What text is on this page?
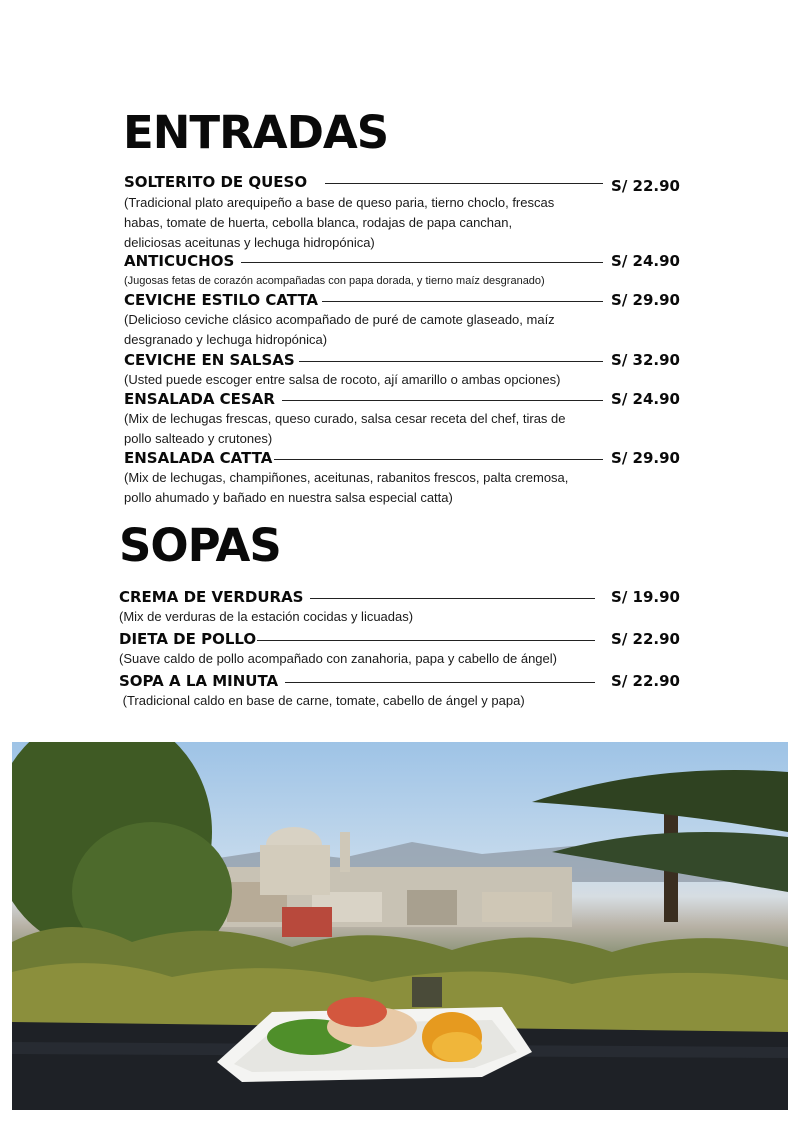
ENTRADAS
SOLTERITO DE QUESO	S/ 22.90
(Tradicional plato arequipeño a base de queso paria, tierno choclo, frescas
habas, tomate de huerta, cebolla blanca, rodajas de papa canchan,
deliciosas aceitunas y lechuga hidropónica)
ANTICUCHOS	S/ 24.90
(Jugosas fetas de corazón acompañadas con papa dorada, y tierno maíz desgranado)
CEVICHE ESTILO CATTA	S/ 29.90
(Delicioso ceviche clásico acompañado de puré de camote glaseado, maíz
desgranado y lechuga hidropónica)
CEVICHE EN SALSAS	S/ 32.90
(Usted puede escoger entre salsa de rocoto, ají amarillo o ambas opciones)
ENSALADA CESAR	S/ 24.90
(Mix de lechugas frescas, queso curado, salsa cesar receta del chef, tiras de
pollo salteado y crutones)
ENSALADA CATTA	S/ 29.90
(Mix de lechugas, champiñones, aceitunas, rabanitos frescos, palta cremosa,
pollo ahumado y bañado en nuestra salsa especial catta)
SOPAS
CREMA DE VERDURAS	S/ 19.90
(Mix de verduras de la estación cocidas y licuadas)
DIETA DE POLLO	S/ 22.90
(Suave caldo de pollo acompañado con zanahoria, papa y cabello de ángel)
SOPA A LA MINUTA	S/ 22.90
(Tradicional caldo en base de carne, tomate, cabello de ángel y papa)
